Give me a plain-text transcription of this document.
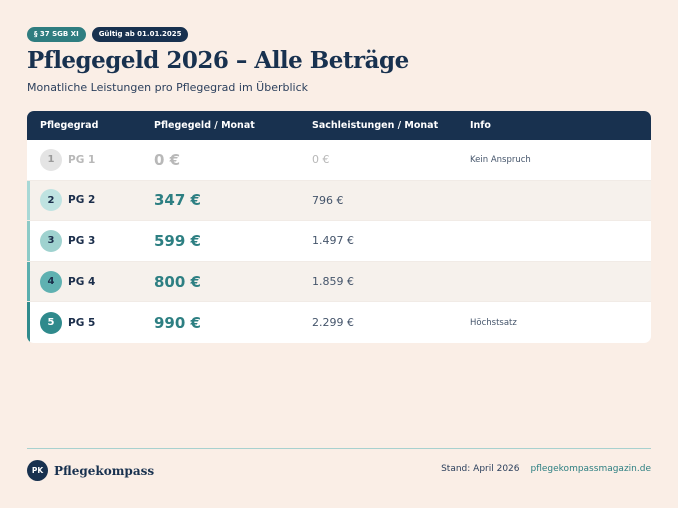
§ 37 SGB XI	Gültig ab 01.01.2025
Pflegegeld 2026 – Alle Beträge
Monatliche Leistungen pro Pflegegrad im Überblick
Pflegegrad	Pflegegeld / Monat	Sachleistungen / Monat	Info
1	PG 1	0 €	0 €	Kein Anspruch
2	PG 2	347 €	796 €
3	PG 3	599 €	1.497 €
4	PG 4	800 €	1.859 €
5	PG 5	990 €	2.299 €	Höchstsatz
PK Pflegekompass	Stand: April 2026 pflegekompassmagazin.de
